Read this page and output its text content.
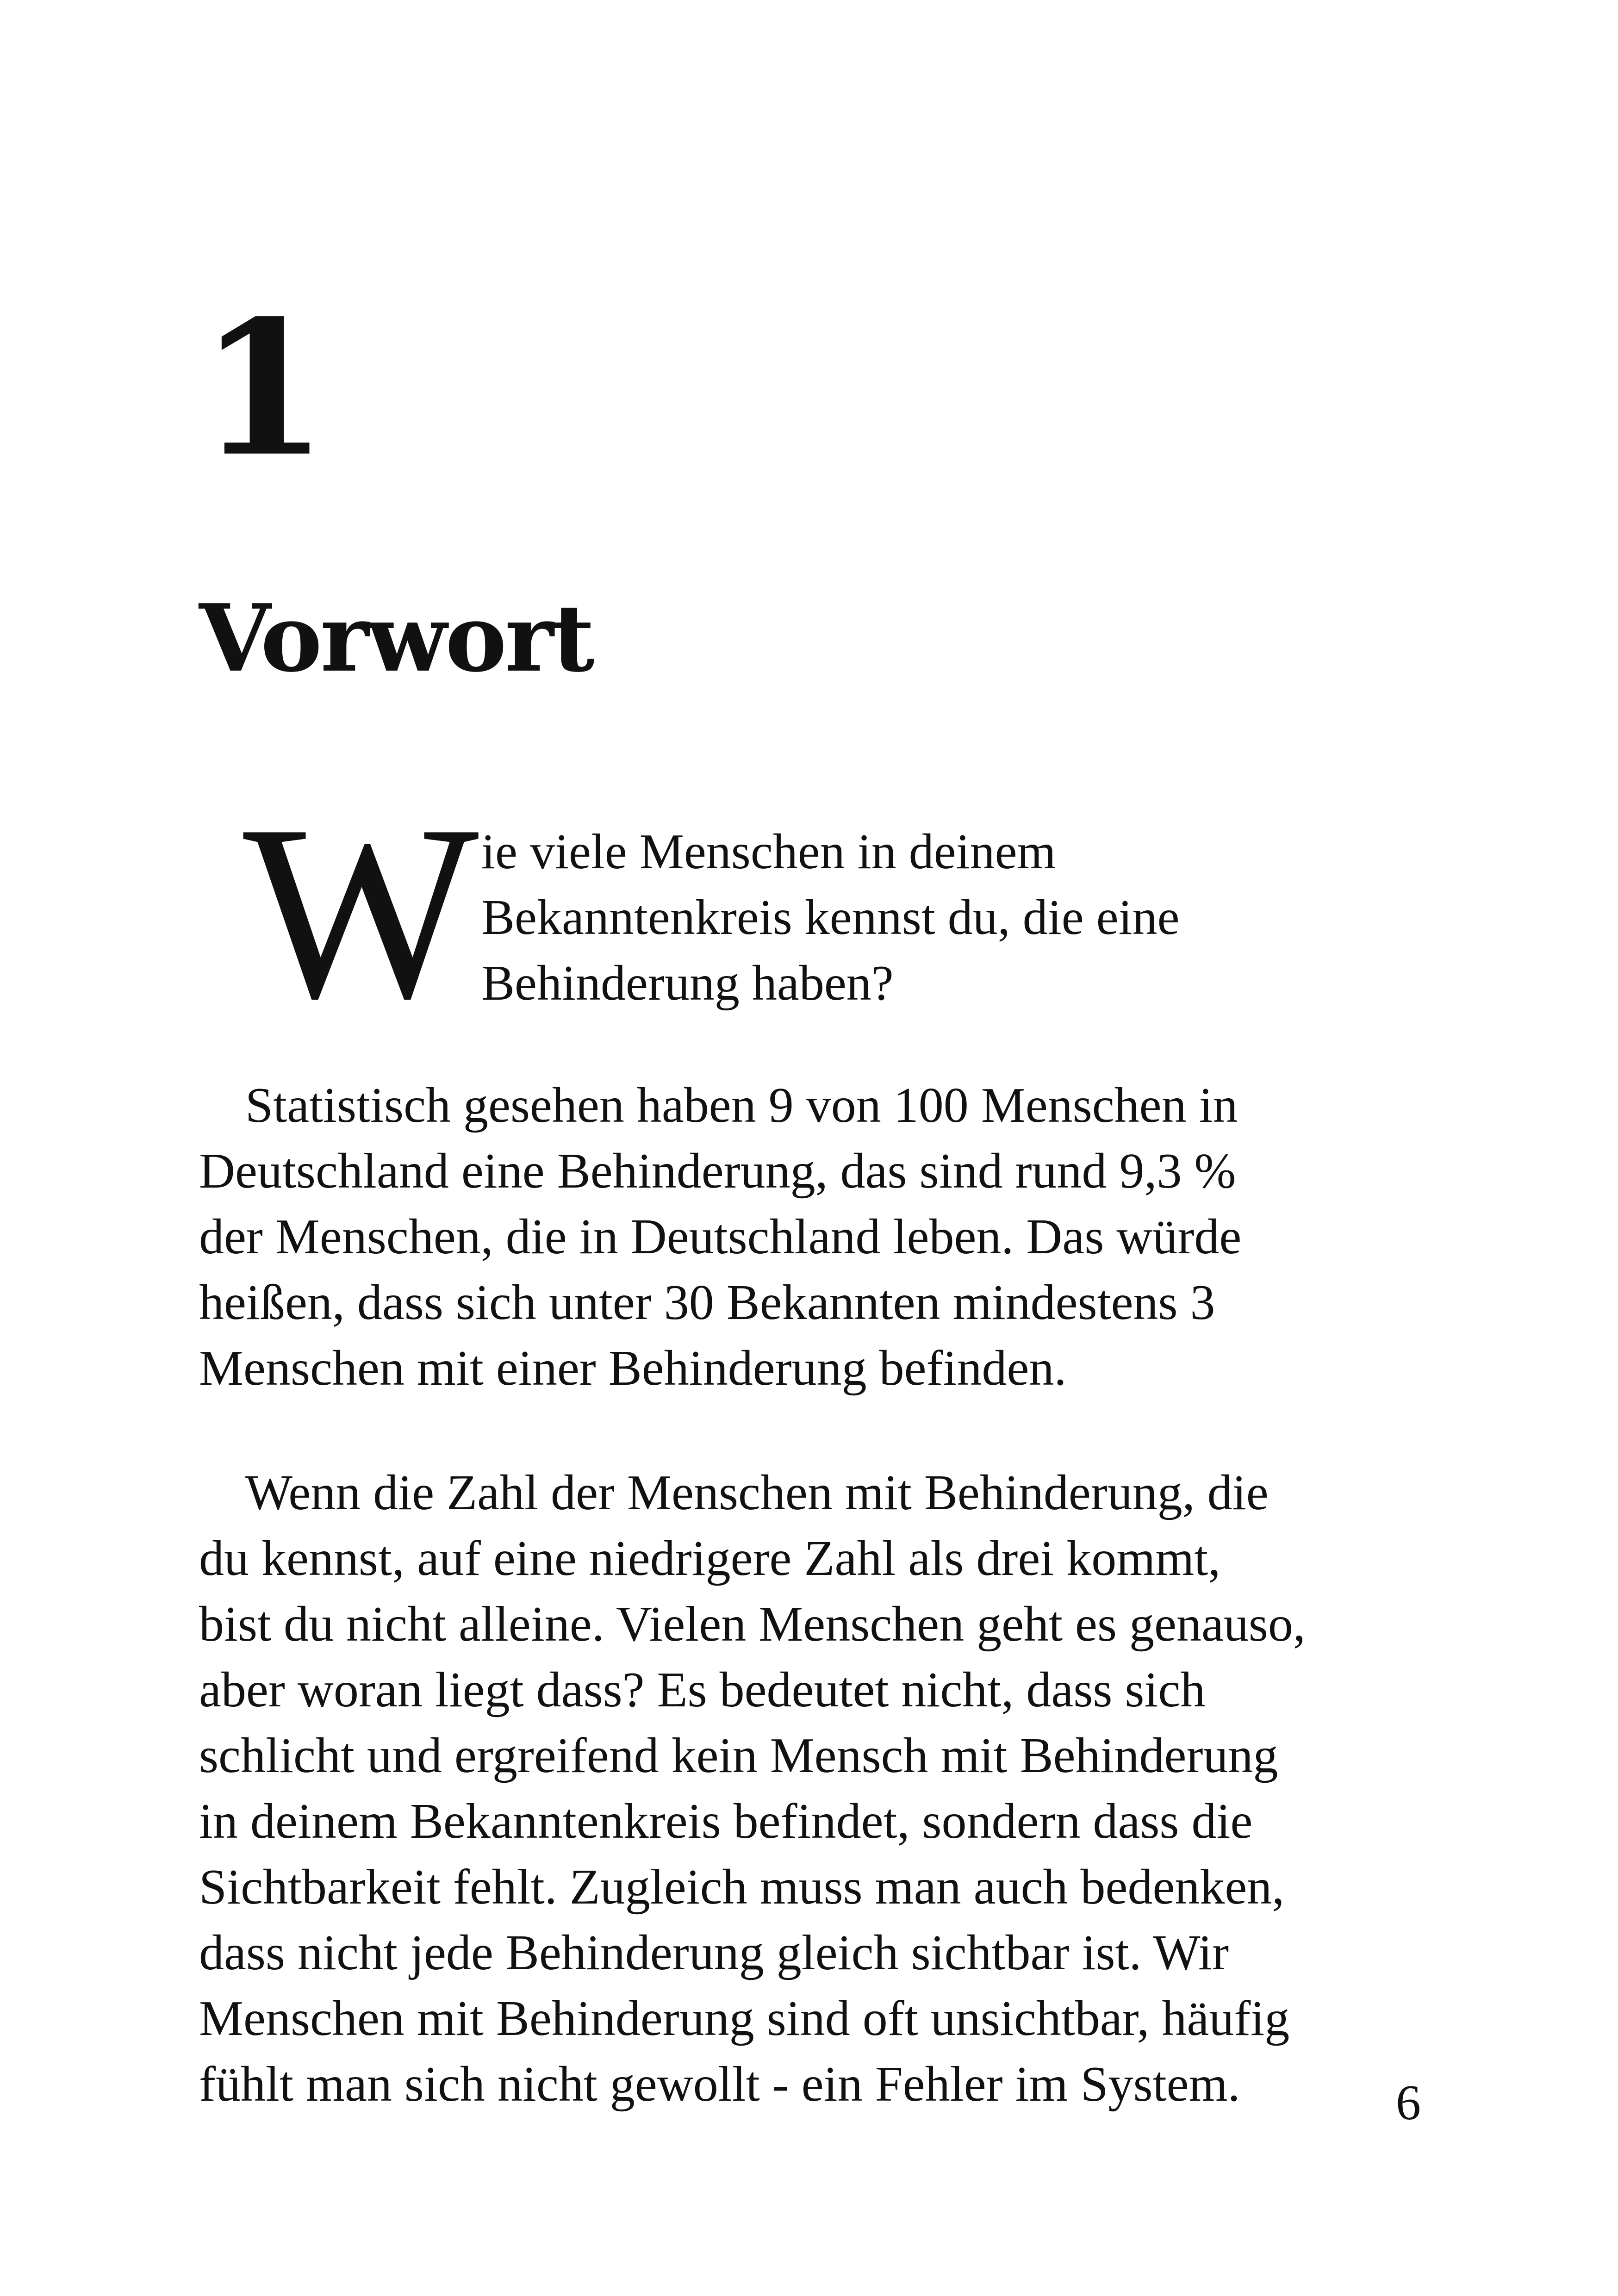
1
Vorwort
W ie viele Menschen in deinem
Bekanntenkreis kennst du, die eine
Behinderung haben?
Statistisch gesehen haben 9 von 100 Menschen in
Deutschland eine Behinderung, das sind rund 9,3 %
der Menschen, die in Deutschland leben. Das würde
heißen, dass sich unter 30 Bekannten mindestens 3
Menschen mit einer Behinderung befinden.
Wenn die Zahl der Menschen mit Behinderung, die
du kennst, auf eine niedrigere Zahl als drei kommt,
bist du nicht alleine. Vielen Menschen geht es genauso,
aber woran liegt dass? Es bedeutet nicht, dass sich
schlicht und ergreifend kein Mensch mit Behinderung
in deinem Bekanntenkreis befindet, sondern dass die
Sichtbarkeit fehlt. Zugleich muss man auch bedenken,
dass nicht jede Behinderung gleich sichtbar ist. Wir
Menschen mit Behinderung sind oft unsichtbar, häufig
fühlt man sich nicht gewollt - ein Fehler im System.	6
